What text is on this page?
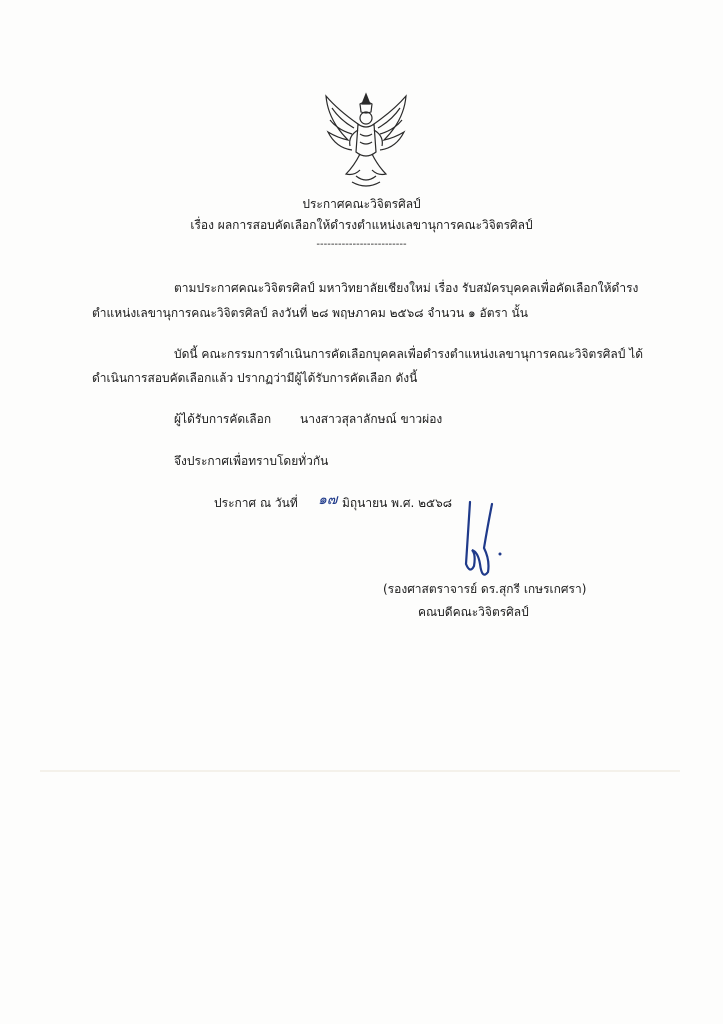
ประกาศคณะวิจิตรศิลป์
เรื่อง ผลการสอบคัดเลือกให้ดำรงตำแหน่งเลขานุการคณะวิจิตรศิลป์
-------------------------
ตามประกาศคณะวิจิตรศิลป์ มหาวิทยาลัยเชียงใหม่ เรื่อง รับสมัครบุคคลเพื่อคัดเลือกให้ดำรง
ตำแหน่งเลขานุการคณะวิจิตรศิลป์ ลงวันที่ ๒๘ พฤษภาคม ๒๕๖๘ จำนวน ๑ อัตรา นั้น
บัดนี้ คณะกรรมการดำเนินการคัดเลือกบุคคลเพื่อดำรงตำแหน่งเลขานุการคณะวิจิตรศิลป์ ได้
ดำเนินการสอบคัดเลือกแล้ว ปรากฏว่ามีผู้ได้รับการคัดเลือก ดังนี้
ผู้ได้รับการคัดเลือก นางสาวสุลาลักษณ์ ขาวผ่อง
จึงประกาศเพื่อทราบโดยทั่วกัน
ประกาศ ณ วันที่ ๑๗ มิถุนายน พ.ศ. ๒๕๖๘
(รองศาสตราจารย์ ดร.สุกรี เกษรเกศรา)
คณบดีคณะวิจิตรศิลป์
